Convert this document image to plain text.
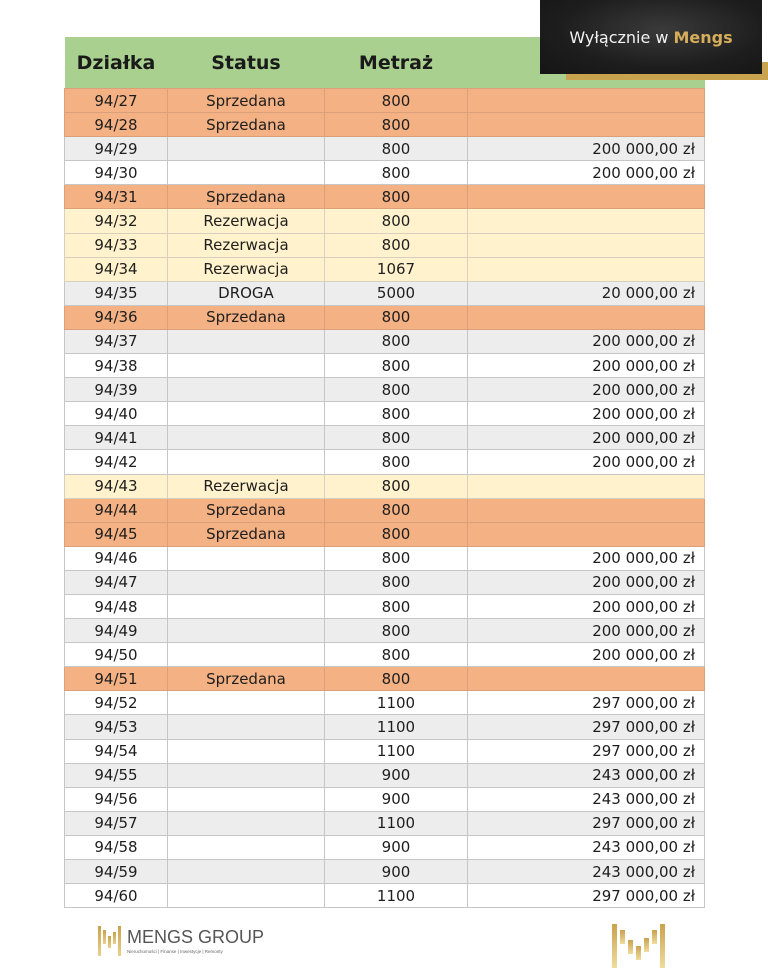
Wyłącznie w Mengs
Działka	Status	Metraż	
94/27	Sprzedana	800	
94/28	Sprzedana	800	
94/29		800	200 000,00 zł
94/30		800	200 000,00 zł
94/31	Sprzedana	800	
94/32	Rezerwacja	800	
94/33	Rezerwacja	800	
94/34	Rezerwacja	1067	
94/35	DROGA	5000	20 000,00 zł
94/36	Sprzedana	800	
94/37		800	200 000,00 zł
94/38		800	200 000,00 zł
94/39		800	200 000,00 zł
94/40		800	200 000,00 zł
94/41		800	200 000,00 zł
94/42		800	200 000,00 zł
94/43	Rezerwacja	800	
94/44	Sprzedana	800	
94/45	Sprzedana	800	
94/46		800	200 000,00 zł
94/47		800	200 000,00 zł
94/48		800	200 000,00 zł
94/49		800	200 000,00 zł
94/50		800	200 000,00 zł
94/51	Sprzedana	800	
94/52		1100	297 000,00 zł
94/53		1100	297 000,00 zł
94/54		1100	297 000,00 zł
94/55		900	243 000,00 zł
94/56		900	243 000,00 zł
94/57		1100	297 000,00 zł
94/58		900	243 000,00 zł
94/59		900	243 000,00 zł
94/60		1100	297 000,00 zł
MENGS GROUP
Nieruchomości | Finanse | Inwestycje | Remonty
